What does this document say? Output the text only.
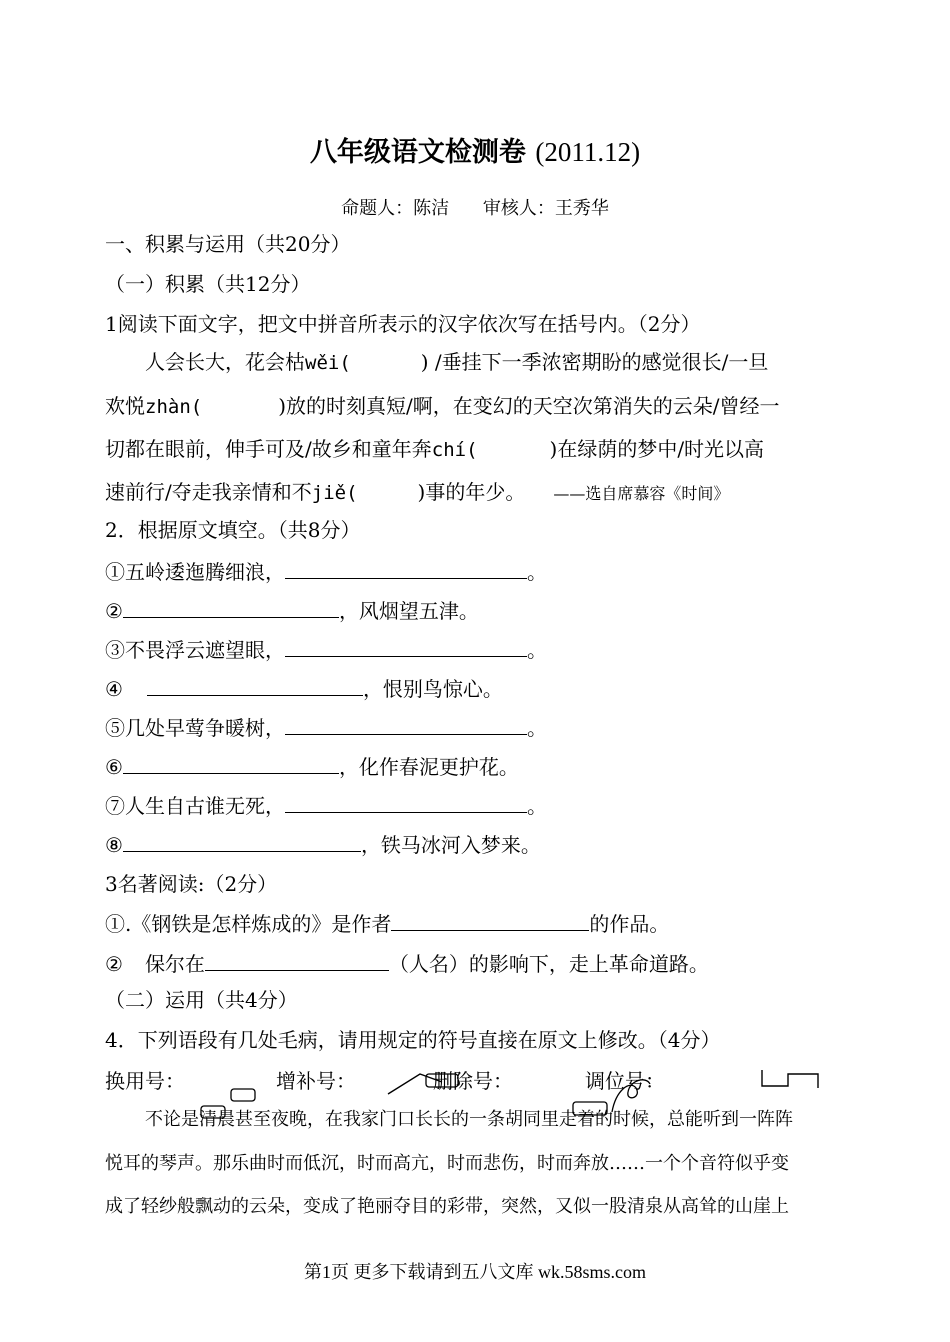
八年级语文检测卷 (2011.12)
命题人：陈洁 审核人：王秀华
一、积累与运用（共20分）
（一）积累（共12分）
1阅读下面文字，把文中拼音所表示的汉字依次写在括号内。（2分）
人会长大，花会枯wěi(	) /垂挂下一季浓密期盼的感觉很长/一旦
欢悦zhàn(	)放的时刻真短/啊，在变幻的天空次第消失的云朵/曾经一
切都在眼前，伸手可及/故乡和童年奔chí(	)在绿荫的梦中/时光以高
速前行/夺走我亲情和不jiě(	)事的年少。 ——选自席慕容《时间》
2．根据原文填空。（共8分）
①五岭逶迤腾细浪，	。
②	，风烟望五津。
③不畏浮云遮望眼，	。
④	，恨别鸟惊心。
⑤几处早莺争暖树，	。
⑥	，化作春泥更护花。
⑦人生自古谁无死，	。
⑧	，铁马冰河入梦来。
3名著阅读:（2分）
①.《钢铁是怎样炼成的》是作者	的作品。
② 保尔在	（人名）的影响下，走上革命道路。
（二）运用（共4分）
4．下列语段有几处毛病，请用规定的符号直接在原文上修改。（4分）
换用号：	增补号：	删除号：	调位号：
不论是清晨甚至夜晚，在我家门口长长的一条胡同里走着的时候，总能听到一阵阵
悦耳的琴声。那乐曲时而低沉，时而高亢，时而悲伤，时而奔放……一个个音符似乎变
成了轻纱般飘动的云朵，变成了艳丽夺目的彩带，突然，又似一股清泉从高耸的山崖上
第1页 更多下载请到五八文库 wk.58sms.com
